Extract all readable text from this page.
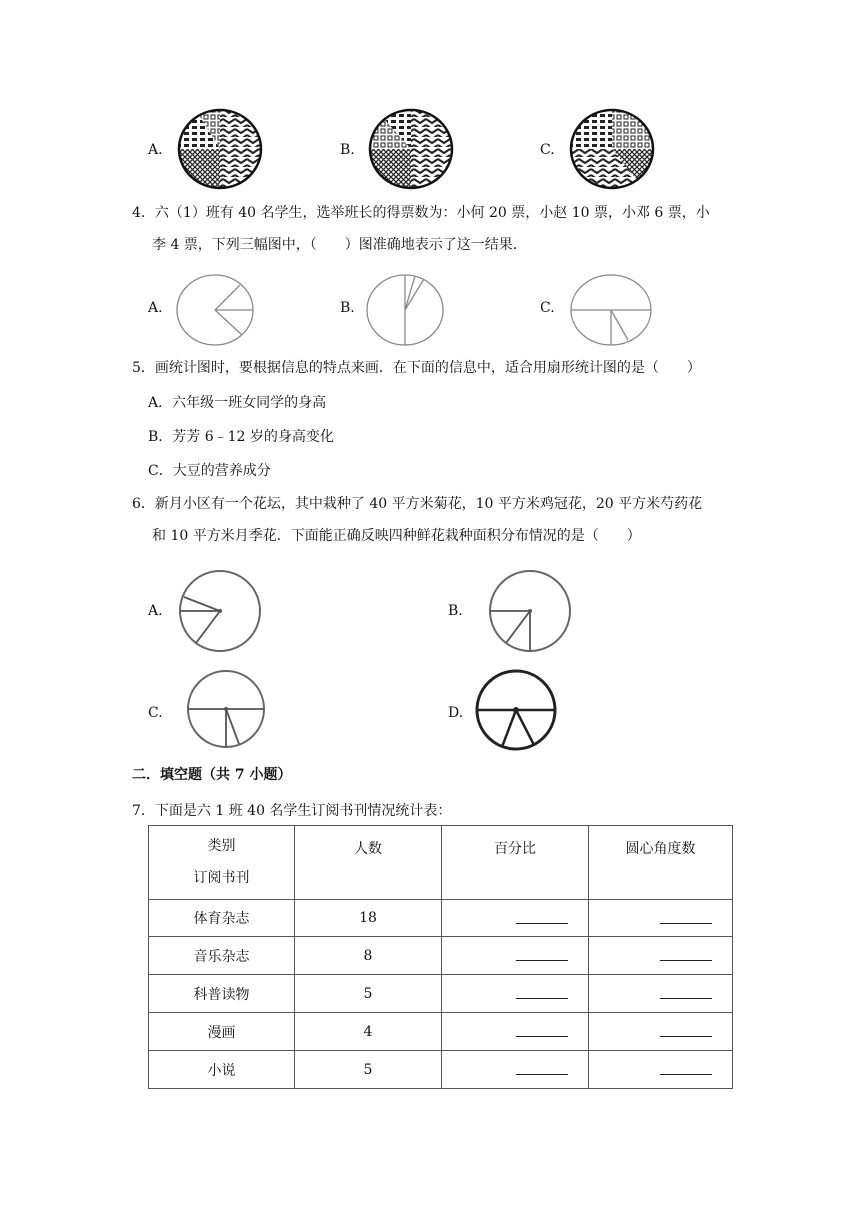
A.	B.	C.
4．六（1）班有 40 名学生，选举班长的得票数为：小何 20 票，小赵 10 票，小邓 6 票，小
李 4 票，下列三幅图中，（　　）图准确地表示了这一结果．
A.	B.	C.
5．画统计图时，要根据信息的特点来画．在下面的信息中，适合用扇形统计图的是（　　）
A．六年级一班女同学的身高
B．芳芳 6﹣12 岁的身高变化
C．大豆的营养成分
6．新月小区有一个花坛，其中栽种了 40 平方米菊花，10 平方米鸡冠花，20 平方米芍药花
和 10 平方米月季花．下面能正确反映四种鲜花栽种面积分布情况的是（　　）
A.	B.
C.	D.
二．填空题（共 7 小题）
7．下面是六 1 班 40 名学生订阅书刊情况统计表：
类别
订阅书刊	人数	百分比	圆心角度数
体育杂志	18		
音乐杂志	8		
科普读物	5		
漫画	4		
小说	5		
